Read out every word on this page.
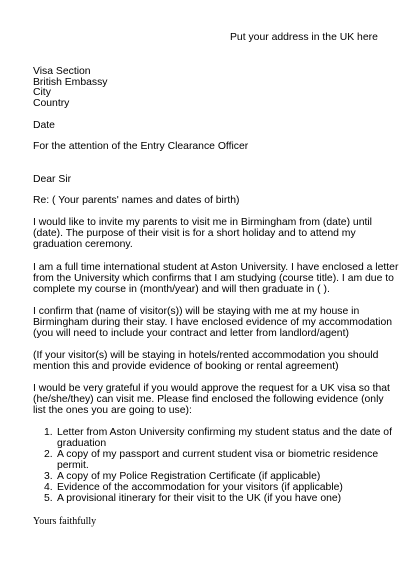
Put your address in the UK here
Visa Section
British Embassy
City
Country
Date
For the attention of the Entry Clearance Officer
Dear Sir
Re: ( Your parents' names and dates of birth)
I would like to invite my parents to visit me in Birmingham from (date) until
(date). The purpose of their visit is for a short holiday and to attend my
graduation ceremony.
I am a full time international student at Aston University. I have enclosed a letter
from the University which confirms that I am studying (course title). I am due to
complete my course in (month/year) and will then graduate in ( ).
I confirm that (name of visitor(s)) will be staying with me at my house in
Birmingham during their stay. I have enclosed evidence of my accommodation
(you will need to include your contract and letter from landlord/agent)
(If your visitor(s) will be staying in hotels/rented accommodation you should
mention this and provide evidence of booking or rental agreement)
I would be very grateful if you would approve the request for a UK visa so that
(he/she/they) can visit me. Please find enclosed the following evidence (only
list the ones you are going to use):
1. Letter from Aston University confirming my student status and the date of
graduation
2. A copy of my passport and current student visa or biometric residence
permit.
3. A copy of my Police Registration Certificate (if applicable)
4. Evidence of the accommodation for your visitors (if applicable)
5. A provisional itinerary for their visit to the UK (if you have one)
Yours faithfully
